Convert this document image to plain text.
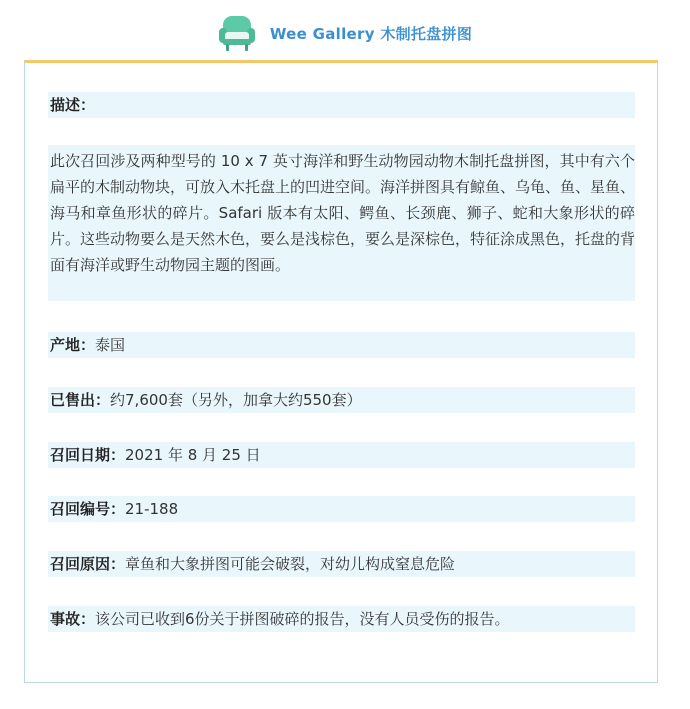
Wee Gallery 木制托盘拼图
描述：
此次召回涉及两种型号的 10 x 7 英寸海洋和野生动物园动物木制托盘拼图，其中有六个扁平的木制动物块，可放入木托盘上的凹进空间。海洋拼图具有鲸鱼、乌龟、鱼、星鱼、海马和章鱼形状的碎片。Safari 版本有太阳、鳄鱼、长颈鹿、狮子、蛇和大象形状的碎片。这些动物要么是天然木色，要么是浅棕色，要么是深棕色，特征涂成黑色，托盘的背面有海洋或野生动物园主题的图画。
产地：泰国
已售出：约7,600套（另外，加拿大约550套）
召回日期：2021 年 8 月 25 日
召回编号：21-188
召回原因：章鱼和大象拼图可能会破裂，对幼儿构成窒息危险
事故：该公司已收到6份关于拼图破碎的报告，没有人员受伤的报告。
